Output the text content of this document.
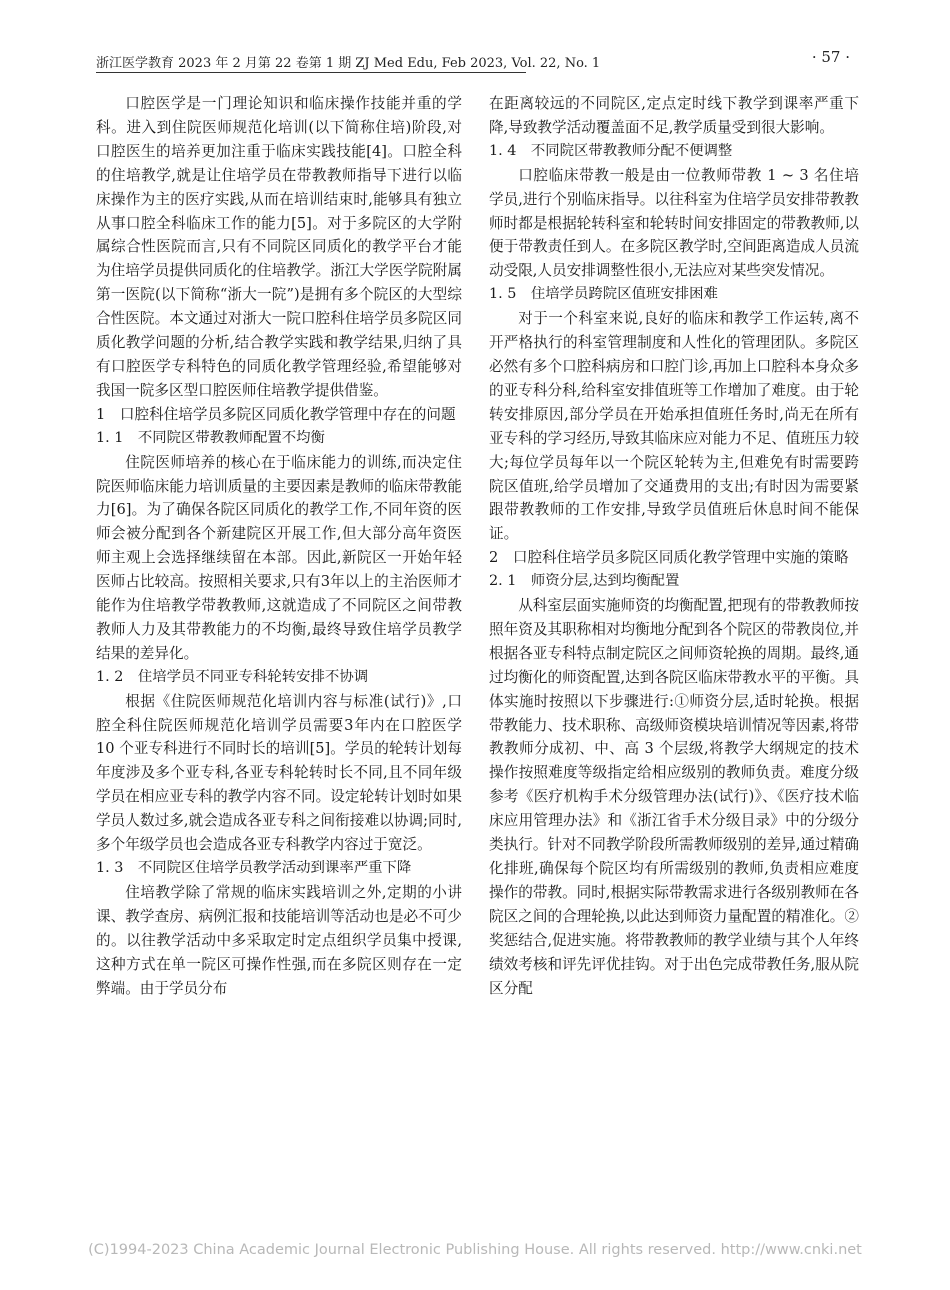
浙江医学教育 2023 年 2 月第 22 卷第 1 期 ZJ Med Edu, Feb 2023, Vol. 22, No. 1	· 57 ·

口腔医学是一门理论知识和临床操作技能并重的学科。进入到住院医师规范化培训(以下简称住培)阶段,对口腔医生的培养更加注重于临床实践技能[4]。口腔全科的住培教学,就是让住培学员在带教教师指导下进行以临床操作为主的医疗实践,从而在培训结束时,能够具有独立从事口腔全科临床工作的能力[5]。对于多院区的大学附属综合性医院而言,只有不同院区同质化的教学平台才能为住培学员提供同质化的住培教学。浙江大学医学院附属第一医院(以下简称“浙大一院”)是拥有多个院区的大型综合性医院。本文通过对浙大一院口腔科住培学员多院区同质化教学问题的分析,结合教学实践和教学结果,归纳了具有口腔医学专科特色的同质化教学管理经验,希望能够对我国一院多区型口腔医师住培教学提供借鉴。

1　口腔科住培学员多院区同质化教学管理中存在的问题
1. 1　不同院区带教教师配置不均衡

住院医师培养的核心在于临床能力的训练,而决定住院医师临床能力培训质量的主要因素是教师的临床带教能力[6]。为了确保各院区同质化的教学工作,不同年资的医师会被分配到各个新建院区开展工作,但大部分高年资医师主观上会选择继续留在本部。因此,新院区一开始年轻医师占比较高。按照相关要求,只有3年以上的主治医师才能作为住培教学带教教师,这就造成了不同院区之间带教教师人力及其带教能力的不均衡,最终导致住培学员教学结果的差异化。

1. 2　住培学员不同亚专科轮转安排不协调

根据《住院医师规范化培训内容与标准(试行)》,口腔全科住院医师规范化培训学员需要3年内在口腔医学 10 个亚专科进行不同时长的培训[5]。学员的轮转计划每年度涉及多个亚专科,各亚专科轮转时长不同,且不同年级学员在相应亚专科的教学内容不同。设定轮转计划时如果学员人数过多,就会造成各亚专科之间衔接难以协调;同时,多个年级学员也会造成各亚专科教学内容过于宽泛。

1. 3　不同院区住培学员教学活动到课率严重下降

住培教学除了常规的临床实践培训之外,定期的小讲课、教学查房、病例汇报和技能培训等活动也是必不可少的。以往教学活动中多采取定时定点组织学员集中授课,这种方式在单一院区可操作性强,而在多院区则存在一定弊端。由于学员分布

在距离较远的不同院区,定点定时线下教学到课率严重下降,导致教学活动覆盖面不足,教学质量受到很大影响。

1. 4　不同院区带教教师分配不便调整

口腔临床带教一般是由一位教师带教 1 ~ 3 名住培学员,进行个别临床指导。以往科室为住培学员安排带教教师时都是根据轮转科室和轮转时间安排固定的带教教师,以便于带教责任到人。在多院区教学时,空间距离造成人员流动受限,人员安排调整性很小,无法应对某些突发情况。

1. 5　住培学员跨院区值班安排困难

对于一个科室来说,良好的临床和教学工作运转,离不开严格执行的科室管理制度和人性化的管理团队。多院区必然有多个口腔科病房和口腔门诊,再加上口腔科本身众多的亚专科分科,给科室安排值班等工作增加了难度。由于轮转安排原因,部分学员在开始承担值班任务时,尚无在所有亚专科的学习经历,导致其临床应对能力不足、值班压力较大;每位学员每年以一个院区轮转为主,但难免有时需要跨院区值班,给学员增加了交通费用的支出;有时因为需要紧跟带教教师的工作安排,导致学员值班后休息时间不能保证。

2　口腔科住培学员多院区同质化教学管理中实施的策略
2. 1　师资分层,达到均衡配置

从科室层面实施师资的均衡配置,把现有的带教教师按照年资及其职称相对均衡地分配到各个院区的带教岗位,并根据各亚专科特点制定院区之间师资轮换的周期。最终,通过均衡化的师资配置,达到各院区临床带教水平的平衡。具体实施时按照以下步骤进行:①师资分层,适时轮换。根据带教能力、技术职称、高级师资模块培训情况等因素,将带教教师分成初、中、高 3 个层级,将教学大纲规定的技术操作按照难度等级指定给相应级别的教师负责。难度分级参考《医疗机构手术分级管理办法(试行)》、《医疗技术临床应用管理办法》和《浙江省手术分级目录》中的分级分类执行。针对不同教学阶段所需教师级别的差异,通过精确化排班,确保每个院区均有所需级别的教师,负责相应难度操作的带教。同时,根据实际带教需求进行各级别教师在各院区之间的合理轮换,以此达到师资力量配置的精准化。②奖惩结合,促进实施。将带教教师的教学业绩与其个人年终绩效考核和评先评优挂钩。对于出色完成带教任务,服从院区分配

(C)1994-2023 China Academic Journal Electronic Publishing House. All rights reserved. http://www.cnki.net
